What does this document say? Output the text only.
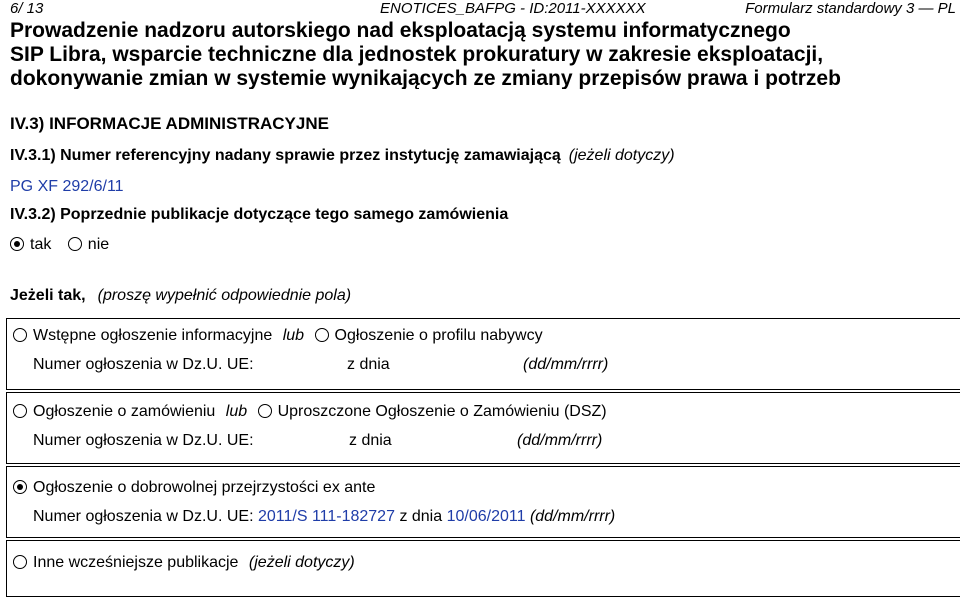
6/ 13	ENOTICES_BAFPG - ID:2011-XXXXXX	Formularz standardowy 3 — PL
Prowadzenie nadzoru autorskiego nad eksploatacją systemu informatycznego
SIP Libra, wsparcie techniczne dla jednostek prokuratury w zakresie eksploatacji,
dokonywanie zmian w systemie wynikających ze zmiany przepisów prawa i potrzeb
IV.3) INFORMACJE ADMINISTRACYJNE
IV.3.1) Numer referencyjny nadany sprawie przez instytucję zamawiającą (jeżeli dotyczy)
PG XF 292/6/11
IV.3.2) Poprzednie publikacje dotyczące tego samego zamówienia
tak nie
Jeżeli tak, (proszę wypełnić odpowiednie pola)
Wstępne ogłoszenie informacyjne lub Ogłoszenie o profilu nabywcy
Numer ogłoszenia w Dz.U. UE:	z dnia	(dd/mm/rrrr)
Ogłoszenie o zamówieniu lub Uproszczone Ogłoszenie o Zamówieniu (DSZ)
Numer ogłoszenia w Dz.U. UE:	z dnia	(dd/mm/rrrr)
Ogłoszenie o dobrowolnej przejrzystości ex ante
Numer ogłoszenia w Dz.U. UE: 2011/S 111-182727 z dnia 10/06/2011 (dd/mm/rrrr)
Inne wcześniejsze publikacje (jeżeli dotyczy)
